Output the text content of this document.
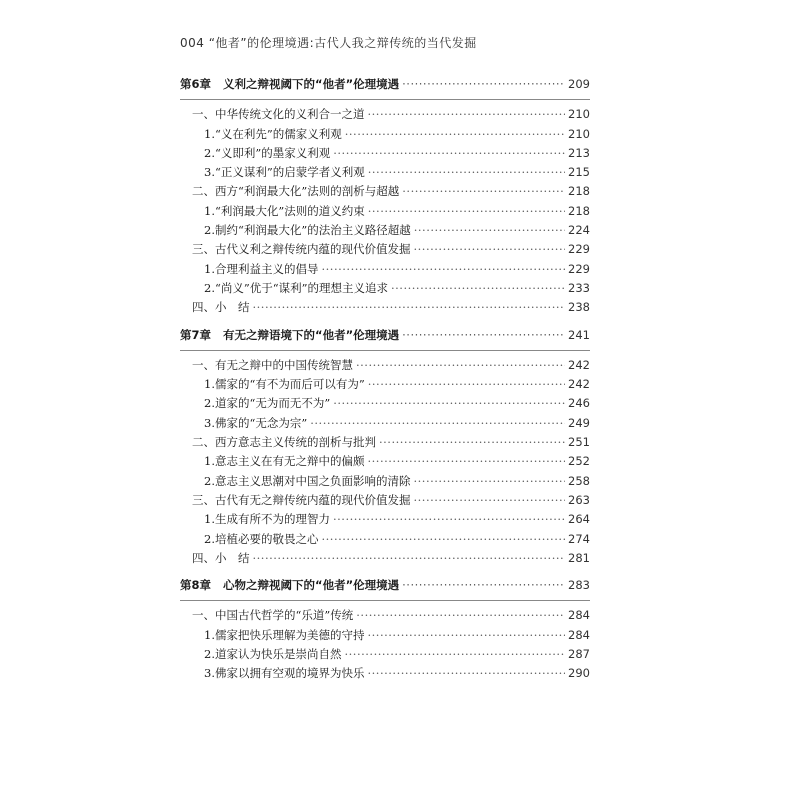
004 “他者”的伦理境遇:古代人我之辩传统的当代发掘
第6章 义利之辩视阈下的“他者”伦理境遇 ·····	209
一、中华传统文化的义利合一之道 ·····	210
1.“义在利先”的儒家义利观 ·····	210
2.“义即利”的墨家义利观 ·····	213
3.“正义谋利”的启蒙学者义利观 ·····	215
二、西方“利润最大化”法则的剖析与超越 ·····	218
1.“利润最大化”法则的道义约束 ·····	218
2.制约“利润最大化”的法治主义路径超越 ·····	224
三、古代义利之辩传统内蕴的现代价值发掘 ·····	229
1.合理利益主义的倡导 ·····	229
2.“尚义”优于“谋利”的理想主义追求 ·····	233
四、小　结 ·····	238
第7章 有无之辩语境下的“他者”伦理境遇 ·····	241
一、有无之辩中的中国传统智慧 ·····	242
1.儒家的“有不为而后可以有为” ·····	242
2.道家的“无为而无不为” ·····	246
3.佛家的“无念为宗” ·····	249
二、西方意志主义传统的剖析与批判 ·····	251
1.意志主义在有无之辩中的偏颇 ·····	252
2.意志主义思潮对中国之负面影响的清除 ·····	258
三、古代有无之辩传统内蕴的现代价值发掘 ·····	263
1.生成有所不为的理智力 ·····	264
2.培植必要的敬畏之心 ·····	274
四、小　结 ·····	281
第8章 心物之辩视阈下的“他者”伦理境遇 ·····	283
一、中国古代哲学的“乐道”传统 ·····	284
1.儒家把快乐理解为美德的守持 ·····	284
2.道家认为快乐是崇尚自然 ·····	287
3.佛家以拥有空观的境界为快乐 ·····	290
